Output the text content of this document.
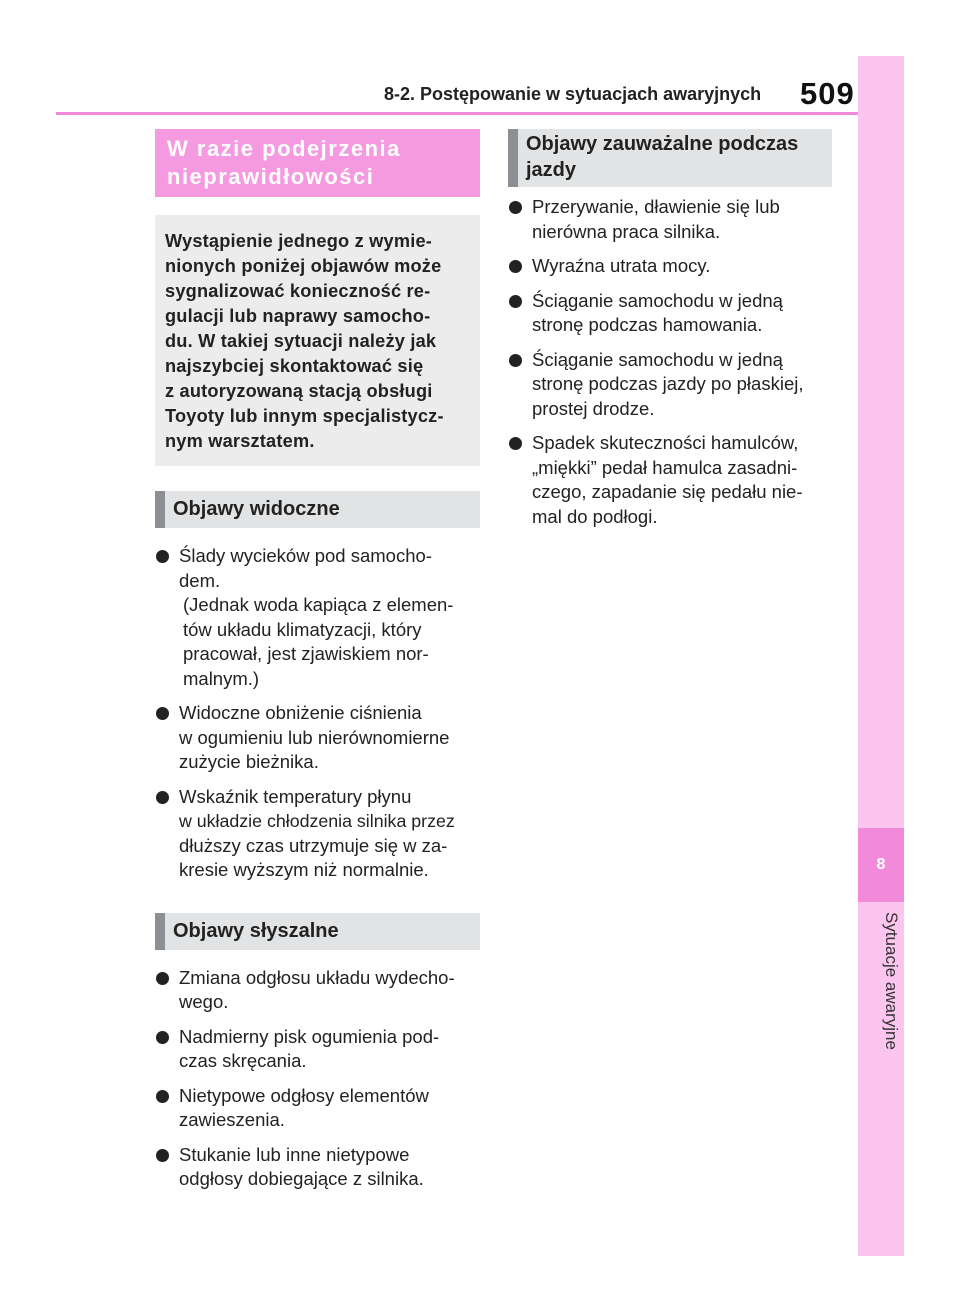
8-2. Postępowanie w sytuacjach awaryjnych 509
8
Sytuacje awaryjne
W razie podejrzenia
nieprawidłowości
Wystąpienie jednego z wymie-
nionych poniżej objawów może
sygnalizować konieczność re-
gulacji lub naprawy samocho-
du. W takiej sytuacji należy jak
najszybciej skontaktować się
z autoryzowaną stacją obsługi
Toyoty lub innym specjalistycz-
nym warsztatem.
Objawy widoczne
Ślady wycieków pod samocho-
dem.
(Jednak woda kapiąca z elemen-
tów układu klimatyzacji, który
pracował, jest zjawiskiem nor-
malnym.)
Widoczne obniżenie ciśnienia
w ogumieniu lub nierównomierne
zużycie bieżnika.
Wskaźnik temperatury płynu
w układzie chłodzenia silnika przez
dłuższy czas utrzymuje się w za-
kresie wyższym niż normalnie.
Objawy słyszalne
Zmiana odgłosu układu wydecho-
wego.
Nadmierny pisk ogumienia pod-
czas skręcania.
Nietypowe odgłosy elementów
zawieszenia.
Stukanie lub inne nietypowe
odgłosy dobiegające z silnika.
Objawy zauważalne podczas
jazdy
Przerywanie, dławienie się lub
nierówna praca silnika.
Wyraźna utrata mocy.
Ściąganie samochodu w jedną
stronę podczas hamowania.
Ściąganie samochodu w jedną
stronę podczas jazdy po płaskiej,
prostej drodze.
Spadek skuteczności hamulców,
„miękki” pedał hamulca zasadni-
czego, zapadanie się pedału nie-
mal do podłogi.
